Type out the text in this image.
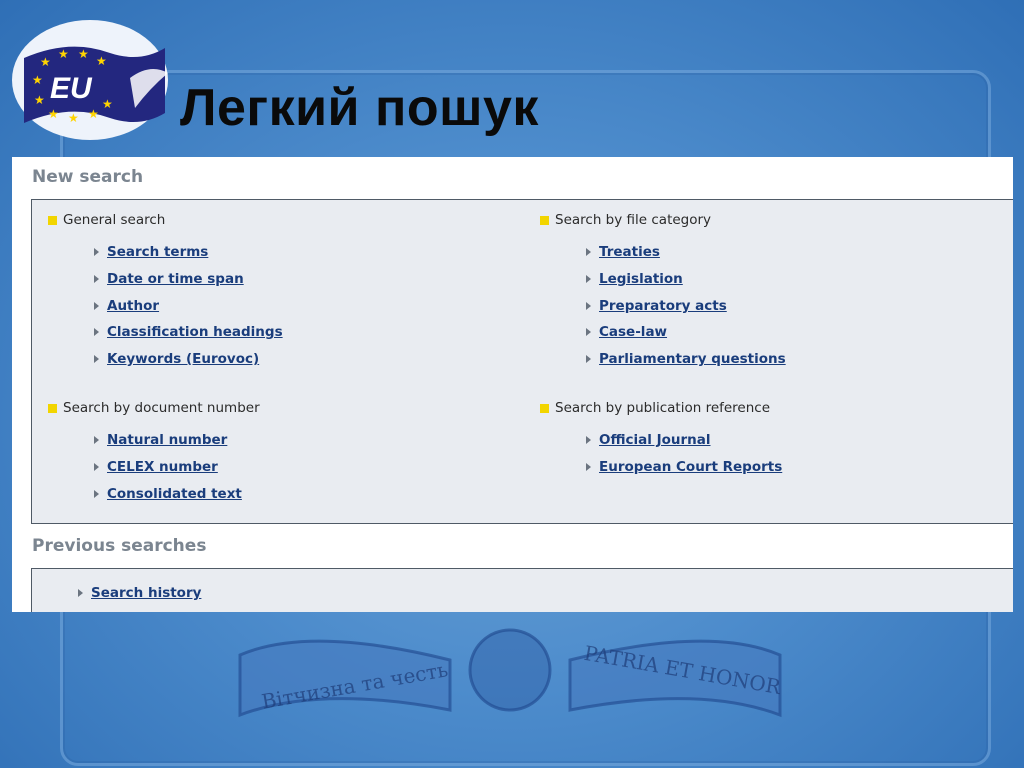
Вітчизна та честь	PATRIA ET HONOR
★
★ ★ ★
★
★
★ ★ ★
★
EU Легкий пошук
New search
General search
Search terms
Date or time span
Author
Classification headings
Keywords (Eurovoc)
Search by file category
Treaties
Legislation
Preparatory acts
Case-law
Parliamentary questions
Search by document number
Natural number
CELEX number
Consolidated text
Search by publication reference
Official Journal
European Court Reports
Previous searches
Search history
